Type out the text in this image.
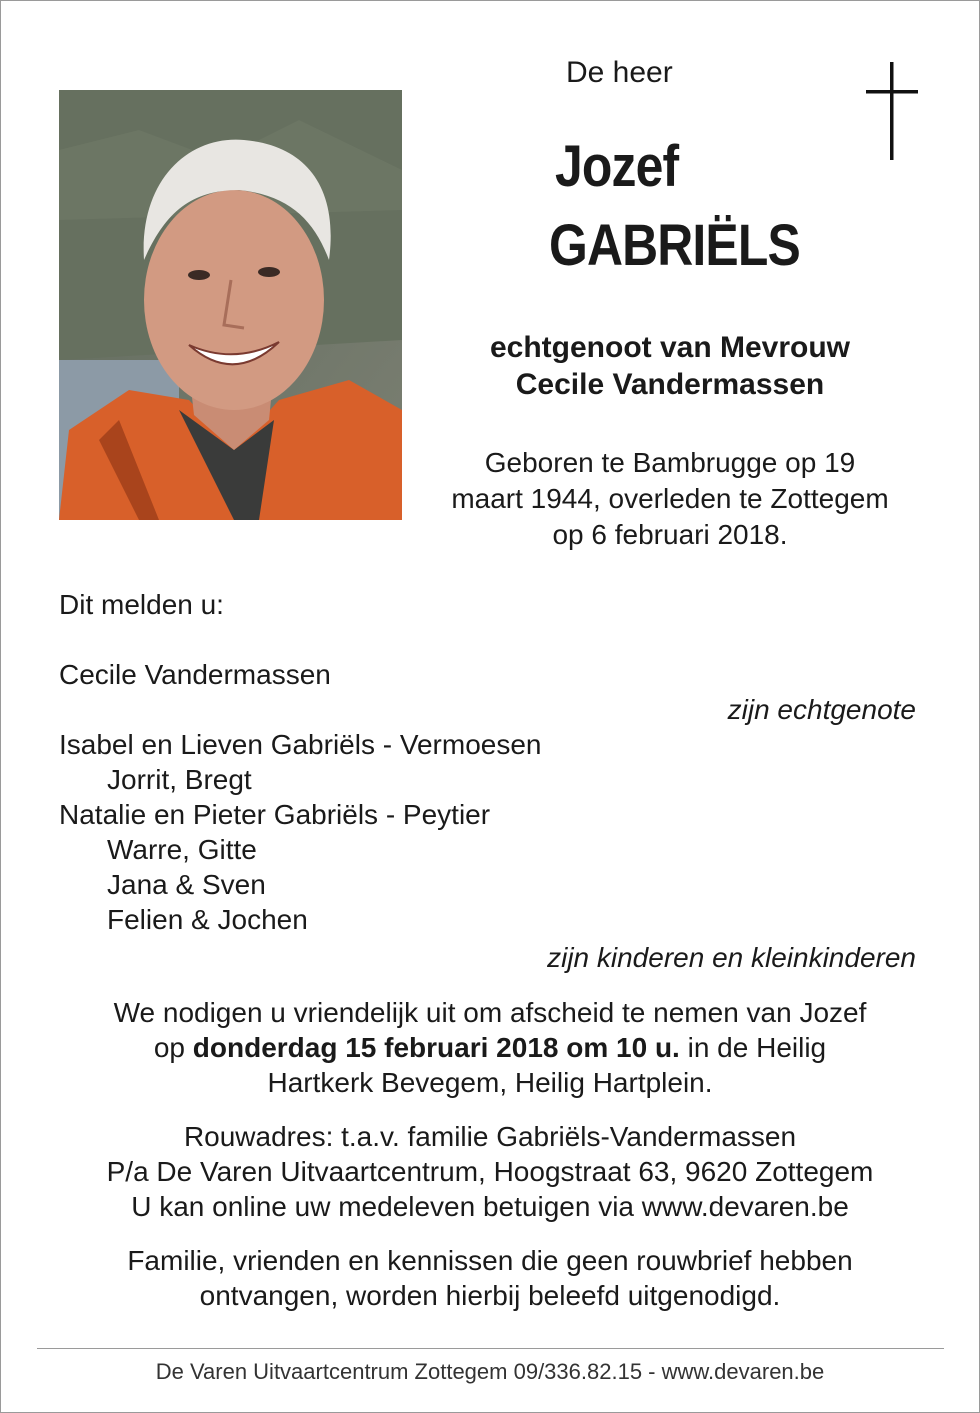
De heer
Jozef
GABRIËLS
echtgenoot van Mevrouw
Cecile Vandermassen
Geboren te Bambrugge op 19
maart 1944, overleden te Zottegem
op 6 februari 2018.
Dit melden u:
Cecile Vandermassen
zijn echtgenote
Isabel en Lieven Gabriëls - Vermoesen
Jorrit, Bregt
Natalie en Pieter Gabriëls - Peytier
Warre, Gitte
Jana & Sven
Felien & Jochen
zijn kinderen en kleinkinderen
We nodigen u vriendelijk uit om afscheid te nemen van Jozef
op donderdag 15 februari 2018 om 10 u. in de Heilig
Hartkerk Bevegem, Heilig Hartplein.
Rouwadres: t.a.v. familie Gabriëls-Vandermassen
P/a De Varen Uitvaartcentrum, Hoogstraat 63, 9620 Zottegem
U kan online uw medeleven betuigen via www.devaren.be
Familie, vrienden en kennissen die geen rouwbrief hebben
ontvangen, worden hierbij beleefd uitgenodigd.
De Varen Uitvaartcentrum Zottegem 09/336.82.15 - www.devaren.be
